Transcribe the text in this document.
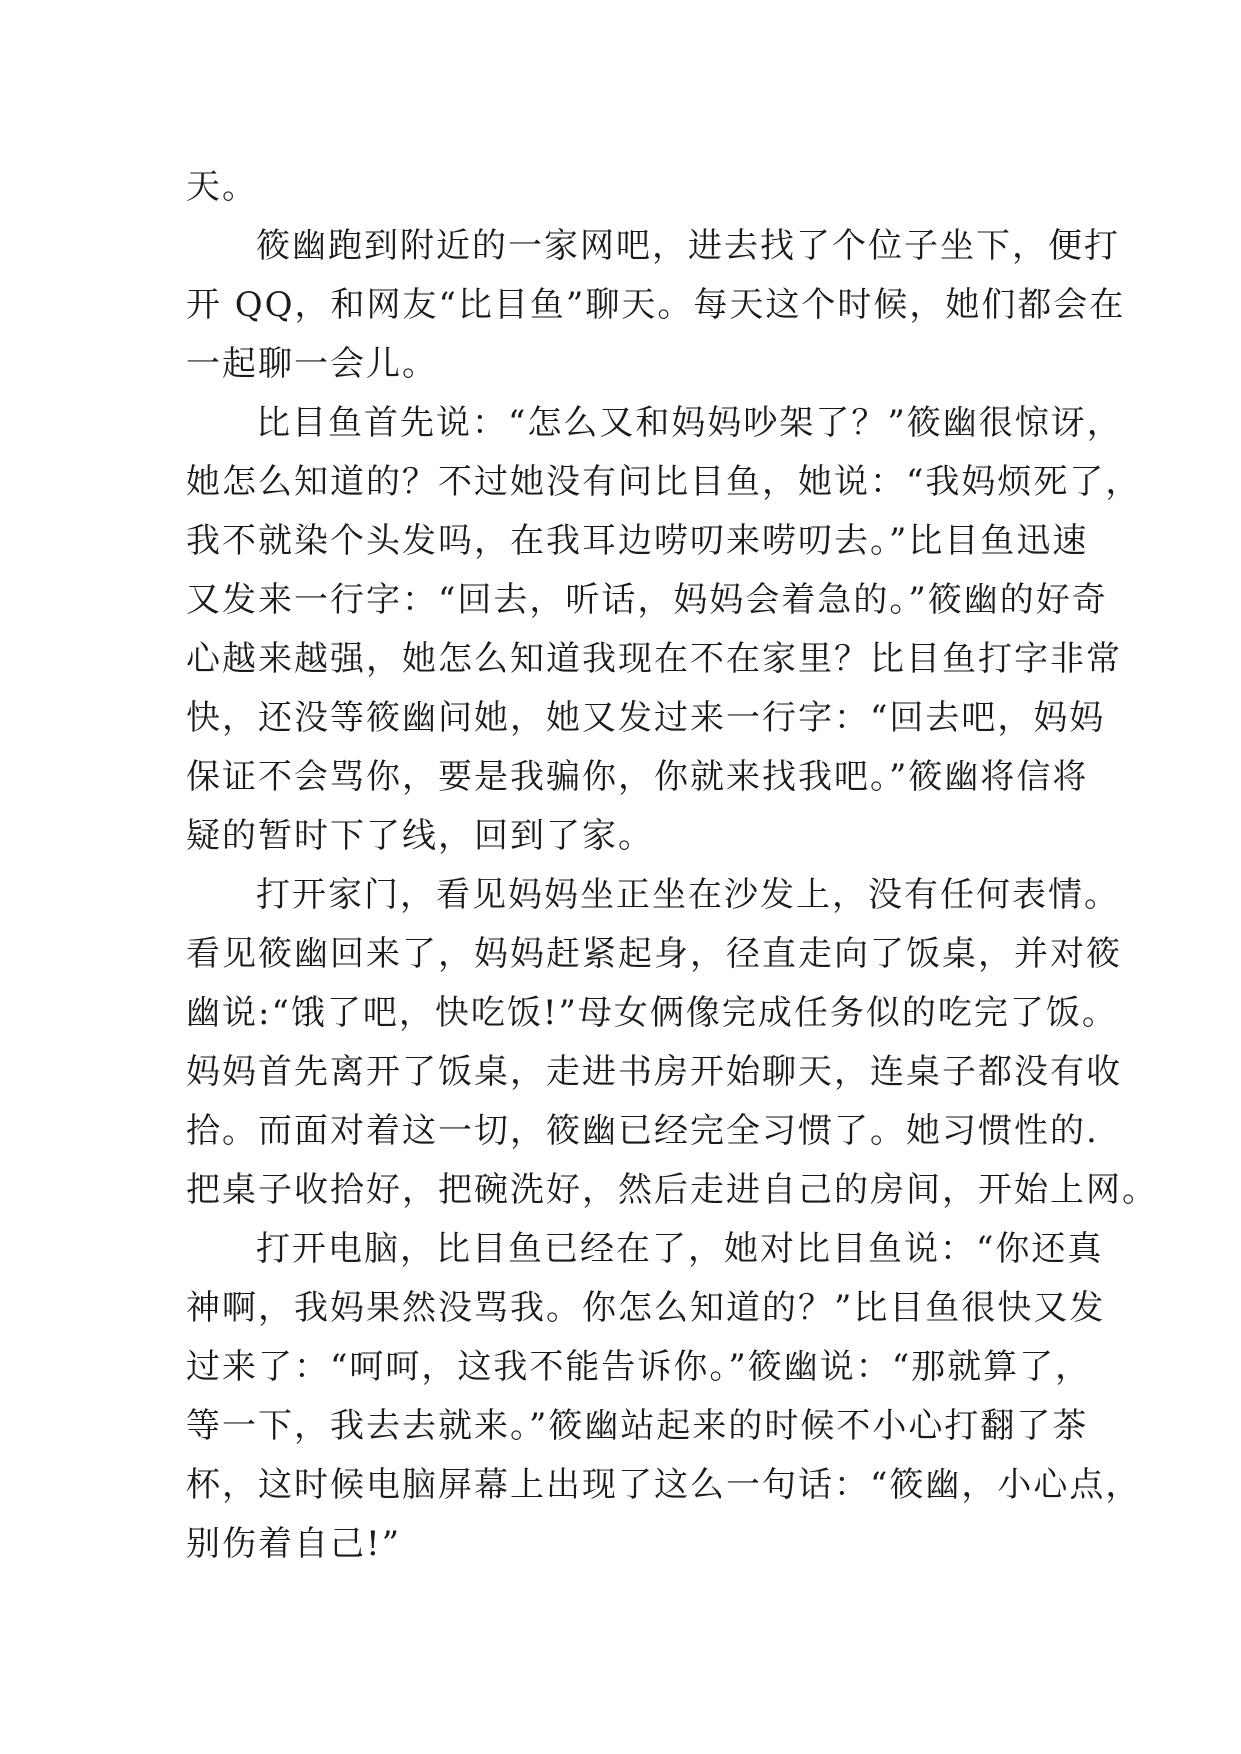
天。
筱幽跑到附近的一家网吧，进去找了个位子坐下，便打
开 QQ，和网友“比目鱼”聊天。每天这个时候，她们都会在
一起聊一会儿。
比目鱼首先说：“怎么又和妈妈吵架了？”筱幽很惊讶，
她怎么知道的？不过她没有问比目鱼，她说：“我妈烦死了，
我不就染个头发吗，在我耳边唠叨来唠叨去。”比目鱼迅速
又发来一行字：“回去，听话，妈妈会着急的。”筱幽的好奇
心越来越强，她怎么知道我现在不在家里？比目鱼打字非常
快，还没等筱幽问她，她又发过来一行字：“回去吧，妈妈
保证不会骂你，要是我骗你，你就来找我吧。”筱幽将信将
疑的暂时下了线，回到了家。
打开家门，看见妈妈坐正坐在沙发上，没有任何表情。
看见筱幽回来了，妈妈赶紧起身，径直走向了饭桌，并对筱
幽说:“饿了吧，快吃饭!”母女俩像完成任务似的吃完了饭。
妈妈首先离开了饭桌，走进书房开始聊天，连桌子都没有收
拾。而面对着这一切，筱幽已经完全习惯了。她习惯性的.
把桌子收拾好，把碗洗好，然后走进自己的房间，开始上网。
打开电脑，比目鱼已经在了，她对比目鱼说：“你还真
神啊，我妈果然没骂我。你怎么知道的？”比目鱼很快又发
过来了：“呵呵，这我不能告诉你。”筱幽说：“那就算了，
等一下，我去去就来。”筱幽站起来的时候不小心打翻了茶
杯，这时候电脑屏幕上出现了这么一句话：“筱幽，小心点，
别伤着自己!”
